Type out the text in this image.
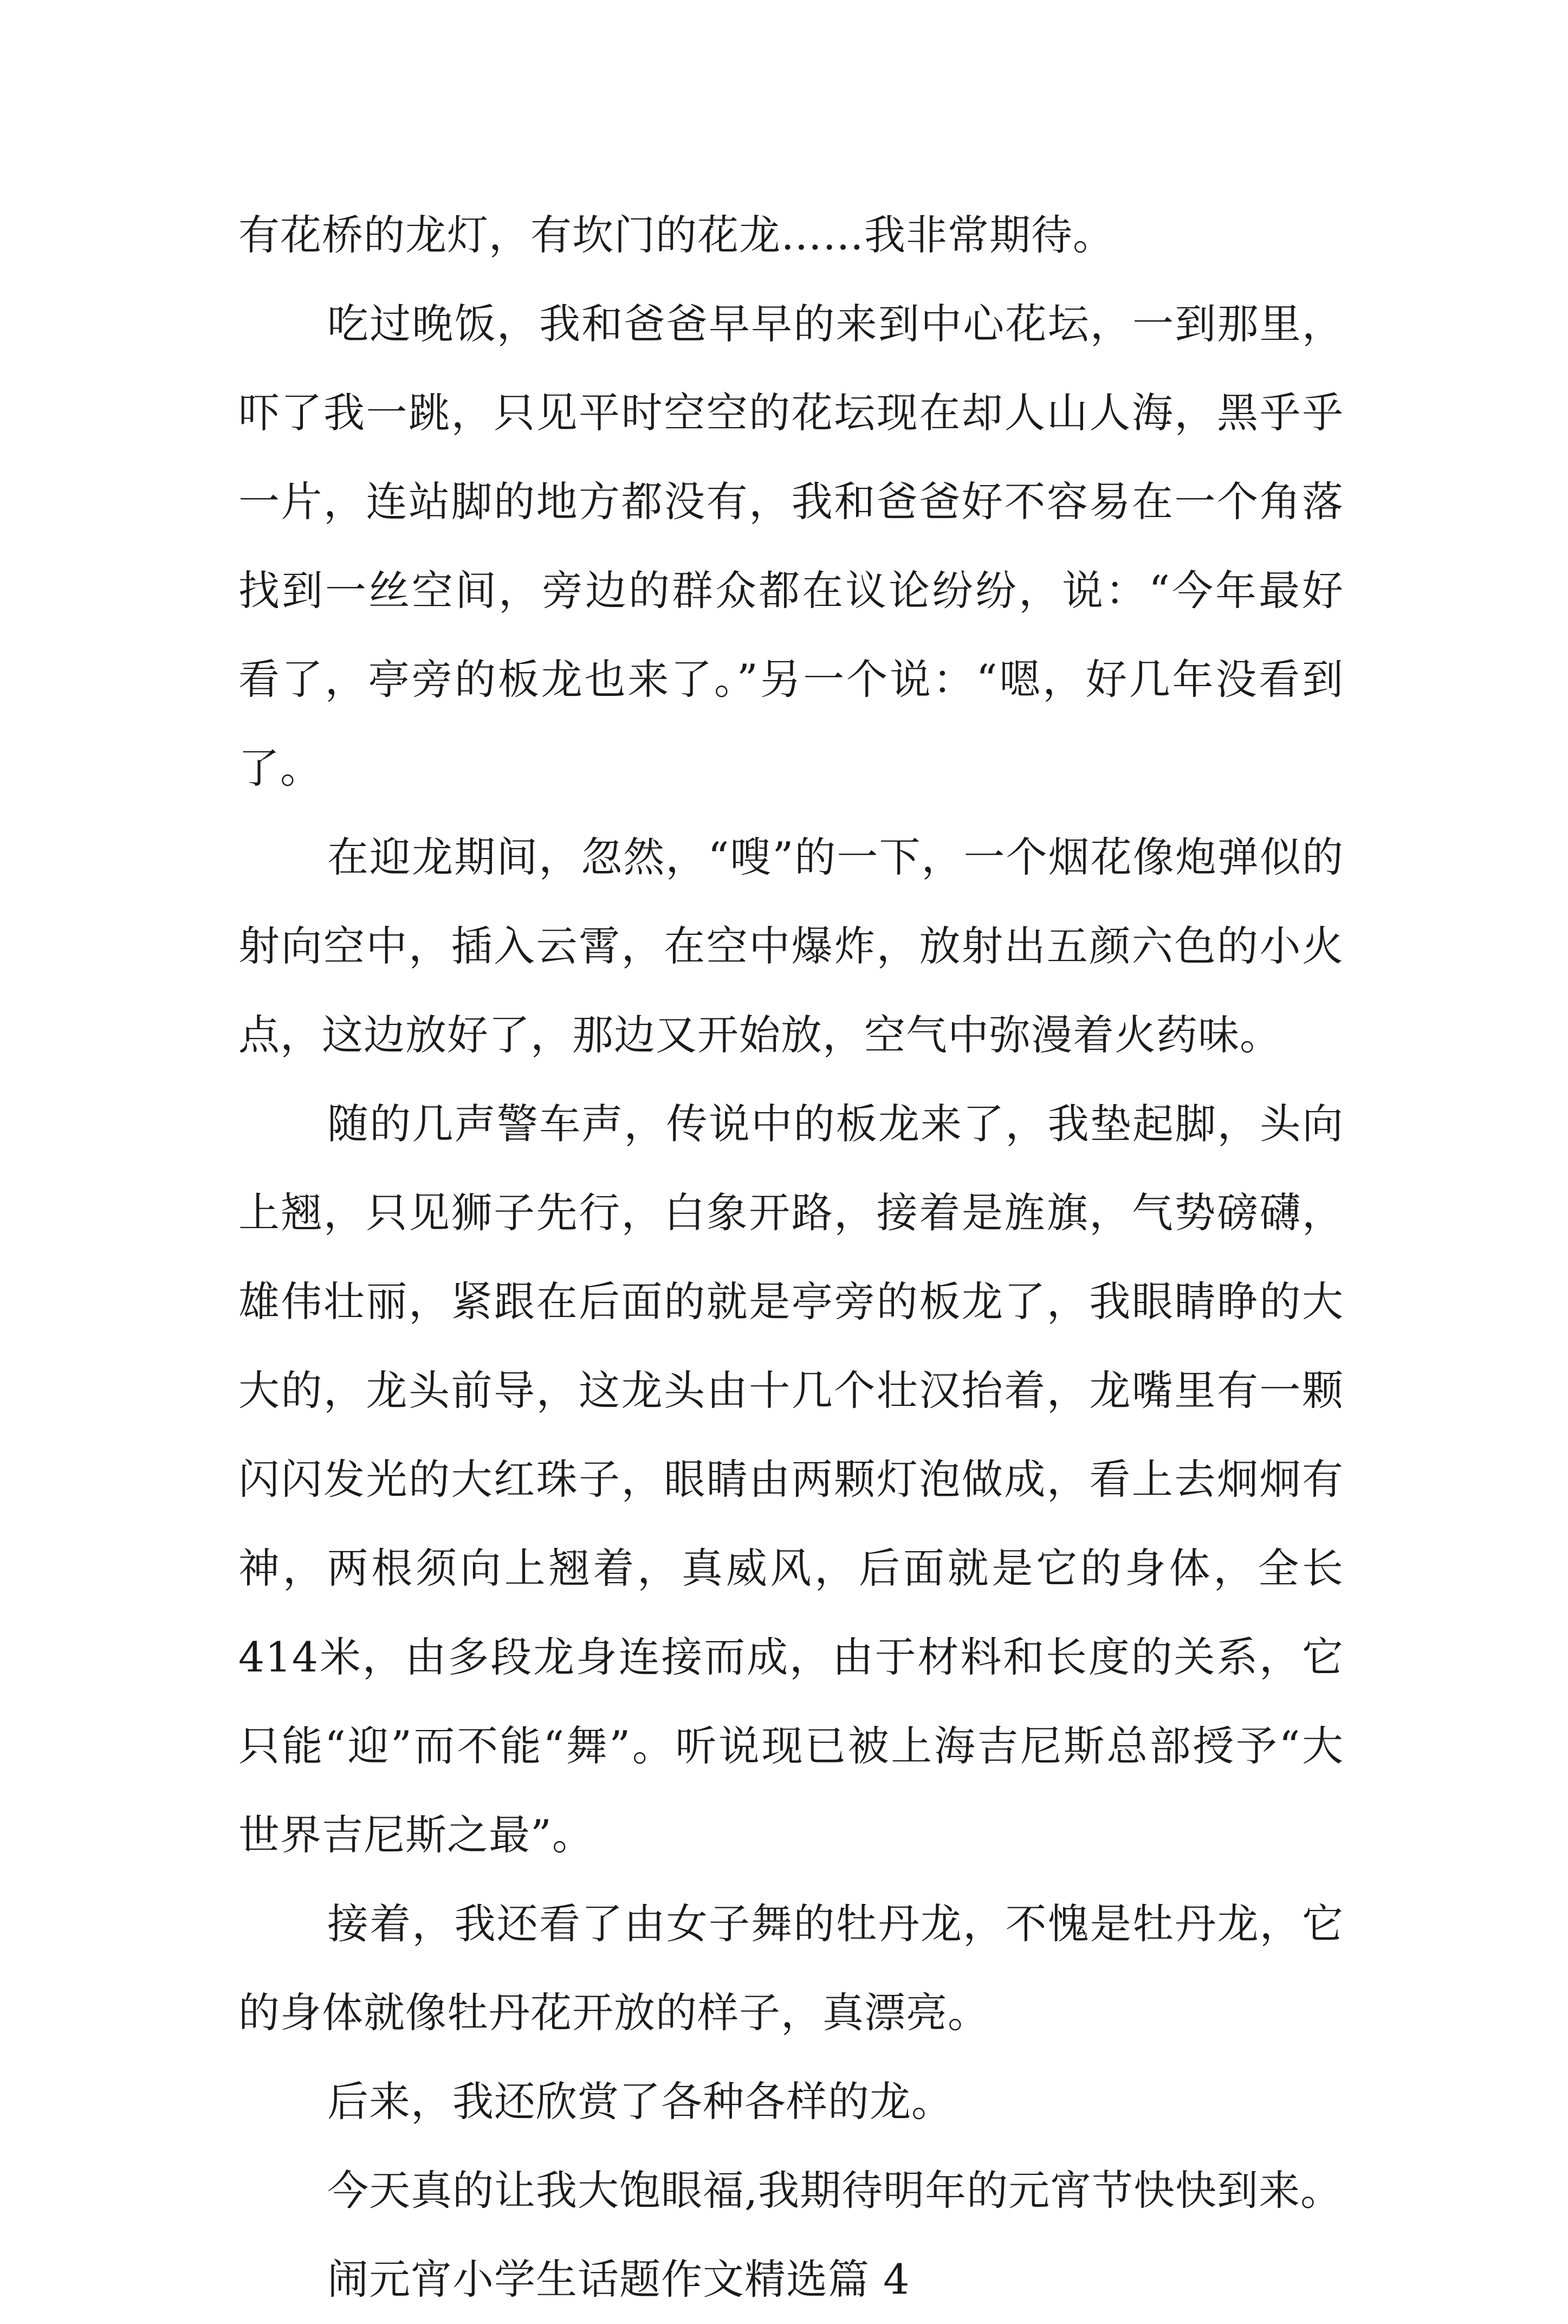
有花桥的龙灯，有坎门的花龙……我非常期待。

吃过晚饭，我和爸爸早早的来到中心花坛，一到那里，吓了我一跳，只见平时空空的花坛现在却人山人海，黑乎乎一片，连站脚的地方都没有，我和爸爸好不容易在一个角落找到一丝空间，旁边的群众都在议论纷纷，说：“今年最好看了，亭旁的板龙也来了。”另一个说：“嗯，好几年没看到了。

在迎龙期间，忽然，“嗖”的一下，一个烟花像炮弹似的射向空中，插入云霄，在空中爆炸，放射出五颜六色的小火点，这边放好了，那边又开始放，空气中弥漫着火药味。

随的几声警车声，传说中的板龙来了，我垫起脚，头向上翘，只见狮子先行，白象开路，接着是旌旗，气势磅礴，雄伟壮丽，紧跟在后面的就是亭旁的板龙了，我眼睛睁的大大的，龙头前导，这龙头由十几个壮汉抬着，龙嘴里有一颗闪闪发光的大红珠子，眼睛由两颗灯泡做成，看上去炯炯有神，两根须向上翘着，真威风，后面就是它的身体，全长414米，由多段龙身连接而成，由于材料和长度的关系，它只能“迎”而不能“舞”。听说现已被上海吉尼斯总部授予“大世界吉尼斯之最”。

接着，我还看了由女子舞的牡丹龙，不愧是牡丹龙，它的身体就像牡丹花开放的样子，真漂亮。

后来，我还欣赏了各种各样的龙。

今天真的让我大饱眼福,我期待明年的元宵节快快到来。

闹元宵小学生话题作文精选篇 4
